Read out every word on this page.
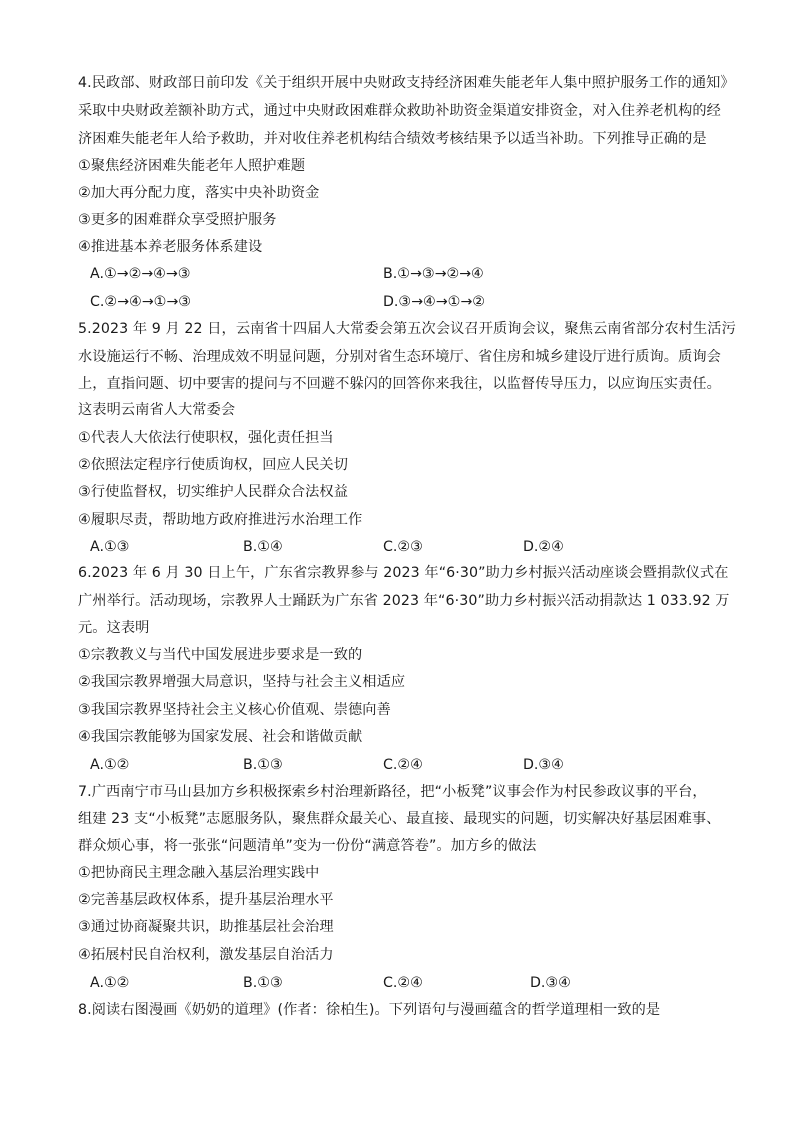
4.民政部、财政部日前印发《关于组织开展中央财政支持经济困难失能老年人集中照护服务工作的通知》
采取中央财政差额补助方式，通过中央财政困难群众救助补助资金渠道安排资金，对入住养老机构的经
济困难失能老年人给予救助，并对收住养老机构结合绩效考核结果予以适当补助。下列推导正确的是
①聚焦经济困难失能老年人照护难题
②加大再分配力度，落实中央补助资金
③更多的困难群众享受照护服务
④推进基本养老服务体系建设
A.①→②→④→③	B.①→③→②→④
C.②→④→①→③	D.③→④→①→②
5.2023 年 9 月 22 日，云南省十四届人大常委会第五次会议召开质询会议，聚焦云南省部分农村生活污
水设施运行不畅、治理成效不明显问题，分别对省生态环境厅、省住房和城乡建设厅进行质询。质询会
上，直指问题、切中要害的提问与不回避不躲闪的回答你来我往，以监督传导压力，以应询压实责任。
这表明云南省人大常委会
①代表人大依法行使职权，强化责任担当
②依照法定程序行使质询权，回应人民关切
③行使监督权，切实维护人民群众合法权益
④履职尽责，帮助地方政府推进污水治理工作
A.①③	B.①④	C.②③	D.②④
6.2023 年 6 月 30 日上午，广东省宗教界参与 2023 年“6·30”助力乡村振兴活动座谈会暨捐款仪式在
广州举行。活动现场，宗教界人士踊跃为广东省 2023 年“6·30”助力乡村振兴活动捐款达 1 033.92 万
元。这表明
①宗教教义与当代中国发展进步要求是一致的
②我国宗教界增强大局意识，坚持与社会主义相适应
③我国宗教界坚持社会主义核心价值观、崇德向善
④我国宗教能够为国家发展、社会和谐做贡献
A.①②	B.①③	C.②④	D.③④
7.广西南宁市马山县加方乡积极探索乡村治理新路径，把“小板凳”议事会作为村民参政议事的平台，
组建 23 支“小板凳”志愿服务队，聚焦群众最关心、最直接、最现实的问题，切实解决好基层困难事、
群众烦心事，将一张张“问题清单”变为一份份“满意答卷”。加方乡的做法
①把协商民主理念融入基层治理实践中
②完善基层政权体系，提升基层治理水平
③通过协商凝聚共识，助推基层社会治理
④拓展村民自治权利，激发基层自治活力
A.①②	B.①③	C.②④	D.③④
8.阅读右图漫画《奶奶的道理》(作者：徐柏生)。下列语句与漫画蕴含的哲学道理相一致的是
